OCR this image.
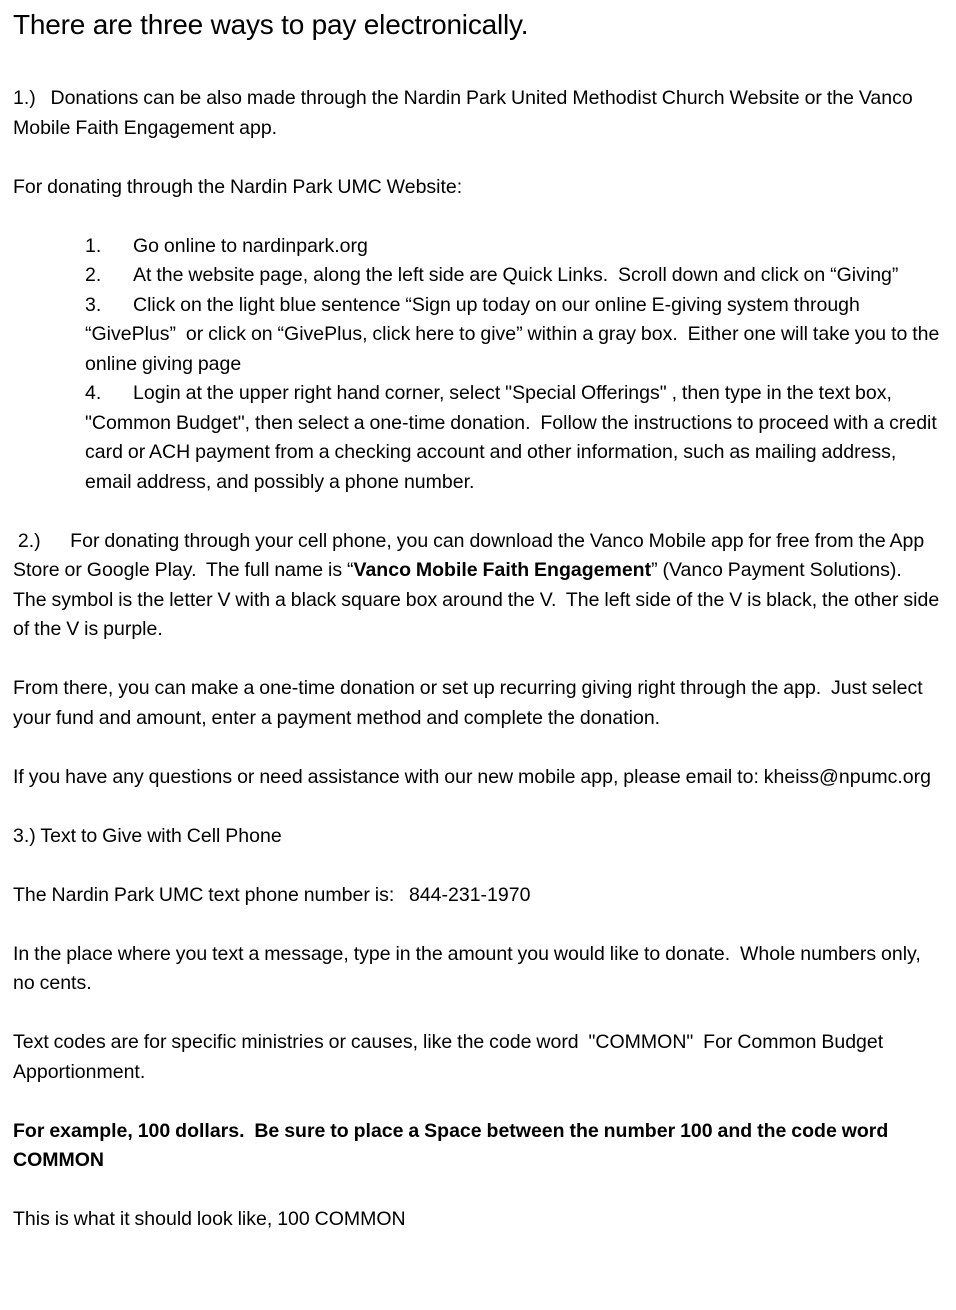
There are three ways to pay electronically.

1.)   Donations can be also made through the Nardin Park United Methodist Church Website or the Vanco Mobile Faith Engagement app.

For donating through the Nardin Park UMC Website:

1. Go online to nardinpark.org

2. At the website page, along the left side are Quick Links.  Scroll down and click on “Giving”

3. Click on the light blue sentence “Sign up today on our online E-giving system through “GivePlus”  or click on “GivePlus, click here to give” within a gray box.  Either one will take you to the online giving page

4. Login at the upper right hand corner, select "Special Offerings" , then type in the text box, "Common Budget", then select a one-time donation.  Follow the instructions to proceed with a credit card or ACH payment from a checking account and other information, such as mailing address, email address, and possibly a phone number.

2.)      For donating through your cell phone, you can download the Vanco Mobile app for free from the App Store or Google Play.  The full name is “Vanco Mobile Faith Engagement” (Vanco Payment Solutions).  The symbol is the letter V with a black square box around the V.  The left side of the V is black, the other side of the V is purple.

From there, you can make a one-time donation or set up recurring giving right through the app.  Just select your fund and amount, enter a payment method and complete the donation.

If you have any questions or need assistance with our new mobile app, please email to: kheiss@npumc.org

3.) Text to Give with Cell Phone

The Nardin Park UMC text phone number is:   844-231-1970

In the place where you text a message, type in the amount you would like to donate.  Whole numbers only, no cents.

Text codes are for specific ministries or causes, like the code word  "COMMON"  For Common Budget Apportionment.

For example, 100 dollars.  Be sure to place a Space between the number 100 and the code word COMMON

This is what it should look like, 100 COMMON
